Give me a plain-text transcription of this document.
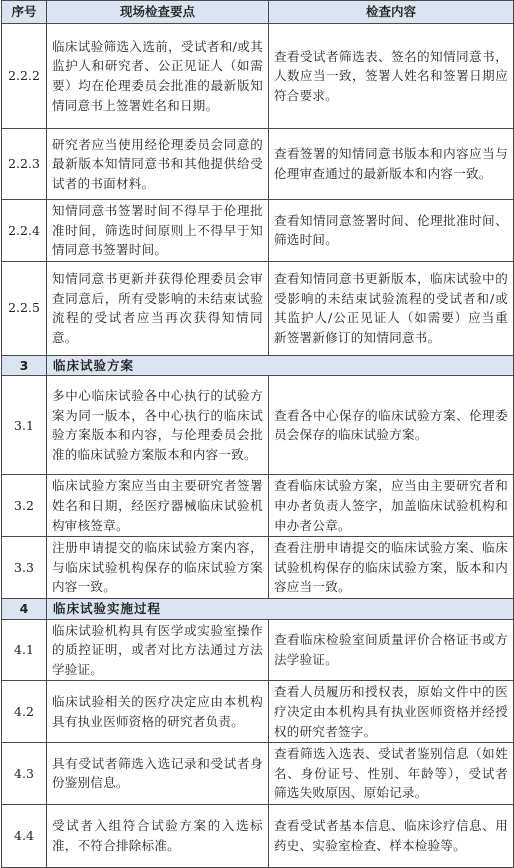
序号	现场检查要点	检查内容
2.2.2	临床试验筛选入选前，受试者和/或其监护人和研究者、公正见证人（如需要）均在伦理委员会批准的最新版知情同意书上签署姓名和日期。	查看受试者筛选表、签名的知情同意书，人数应当一致，签署人姓名和签署日期应符合要求。
2.2.3	研究者应当使用经伦理委员会同意的最新版本知情同意书和其他提供给受试者的书面材料。	查看签署的知情同意书版本和内容应当与伦理审查通过的最新版本和内容一致。
2.2.4	知情同意书签署时间不得早于伦理批准时间，筛选时间原则上不得早于知情同意书签署时间。	查看知情同意签署时间、伦理批准时间、筛选时间。
2.2.5	知情同意书更新并获得伦理委员会审查同意后，所有受影响的未结束试验流程的受试者应当再次获得知情同意。	查看知情同意书更新版本，临床试验中的受影响的未结束试验流程的受试者和/或其监护人/公正见证人（如需要）应当重新签署新修订的知情同意书。
3	临床试验方案	
3.1	多中心临床试验各中心执行的试验方案为同一版本，各中心执行的临床试验方案版本和内容，与伦理委员会批准的临床试验方案版本和内容一致。	查看各中心保存的临床试验方案、伦理委员会保存的临床试验方案。
3.2	临床试验方案应当由主要研究者签署姓名和日期，经医疗器械临床试验机构审核签章。	查看临床试验方案，应当由主要研究者和申办者负责人签字，加盖临床试验机构和申办者公章。
3.3	注册申请提交的临床试验方案内容，与临床试验机构保存的临床试验方案内容一致。	查看注册申请提交的临床试验方案、临床试验机构保存的临床试验方案，版本和内容应当一致。
4	临床试验实施过程	
4.1	临床试验机构具有医学或实验室操作的质控证明，或者对比方法通过方法学验证。	查看临床检验室间质量评价合格证书或方法学验证。
4.2	临床试验相关的医疗决定应由本机构具有执业医师资格的研究者负责。	查看人员履历和授权表，原始文件中的医疗决定由本机构具有执业医师资格并经授权的研究者签字。
4.3	具有受试者筛选入选记录和受试者身份鉴别信息。	查看筛选入选表、受试者鉴别信息（如姓名、身份证号、性别、年龄等），受试者筛选失败原因、原始记录。
4.4	受试者入组符合试验方案的入选标准，不符合排除标准。	查看受试者基本信息、临床诊疗信息、用药史、实验室检查、样本检验等。
